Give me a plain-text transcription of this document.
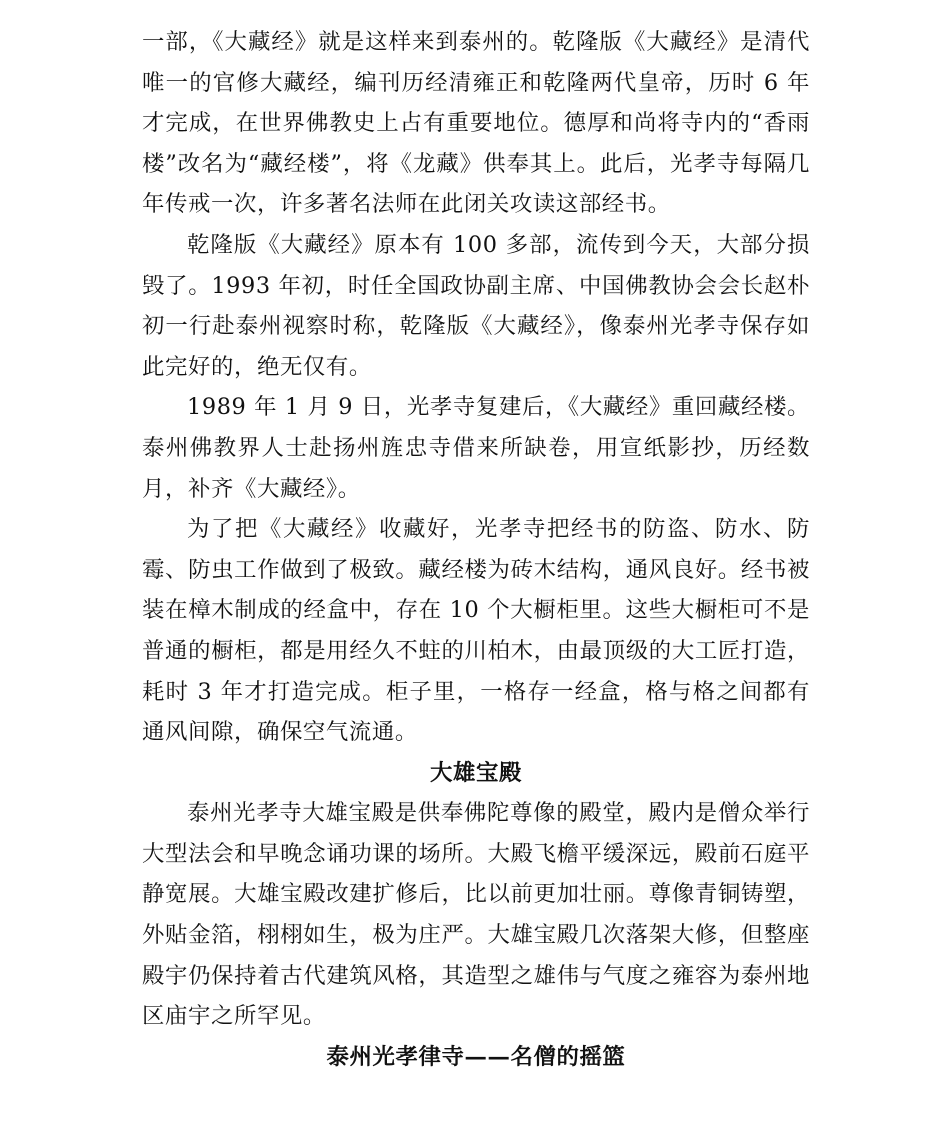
一部，《大藏经》就是这样来到泰州的。乾隆版《大藏经》是清代唯一的官修大藏经，编刊历经清雍正和乾隆两代皇帝，历时 6 年才完成，在世界佛教史上占有重要地位。德厚和尚将寺内的“香雨楼”改名为“藏经楼”，将《龙藏》供奉其上。此后，光孝寺每隔几年传戒一次，许多著名法师在此闭关攻读这部经书。

乾隆版《大藏经》原本有 100 多部，流传到今天，大部分损毁了。1993 年初，时任全国政协副主席、中国佛教协会会长赵朴初一行赴泰州视察时称，乾隆版《大藏经》，像泰州光孝寺保存如此完好的，绝无仅有。

1989 年 1 月 9 日，光孝寺复建后，《大藏经》重回藏经楼。泰州佛教界人士赴扬州旌忠寺借来所缺卷，用宣纸影抄，历经数月，补齐《大藏经》。

为了把《大藏经》收藏好，光孝寺把经书的防盗、防水、防霉、防虫工作做到了极致。藏经楼为砖木结构，通风良好。经书被装在樟木制成的经盒中，存在 10 个大橱柜里。这些大橱柜可不是普通的橱柜，都是用经久不蛀的川柏木，由最顶级的大工匠打造，耗时 3 年才打造完成。柜子里，一格存一经盒，格与格之间都有通风间隙，确保空气流通。

大雄宝殿

泰州光孝寺大雄宝殿是供奉佛陀尊像的殿堂，殿内是僧众举行大型法会和早晚念诵功课的场所。大殿飞檐平缓深远，殿前石庭平静宽展。大雄宝殿改建扩修后，比以前更加壮丽。尊像青铜铸塑，外贴金箔，栩栩如生，极为庄严。大雄宝殿几次落架大修，但整座殿宇仍保持着古代建筑风格，其造型之雄伟与气度之雍容为泰州地区庙宇之所罕见。

泰州光孝律寺——名僧的摇篮
